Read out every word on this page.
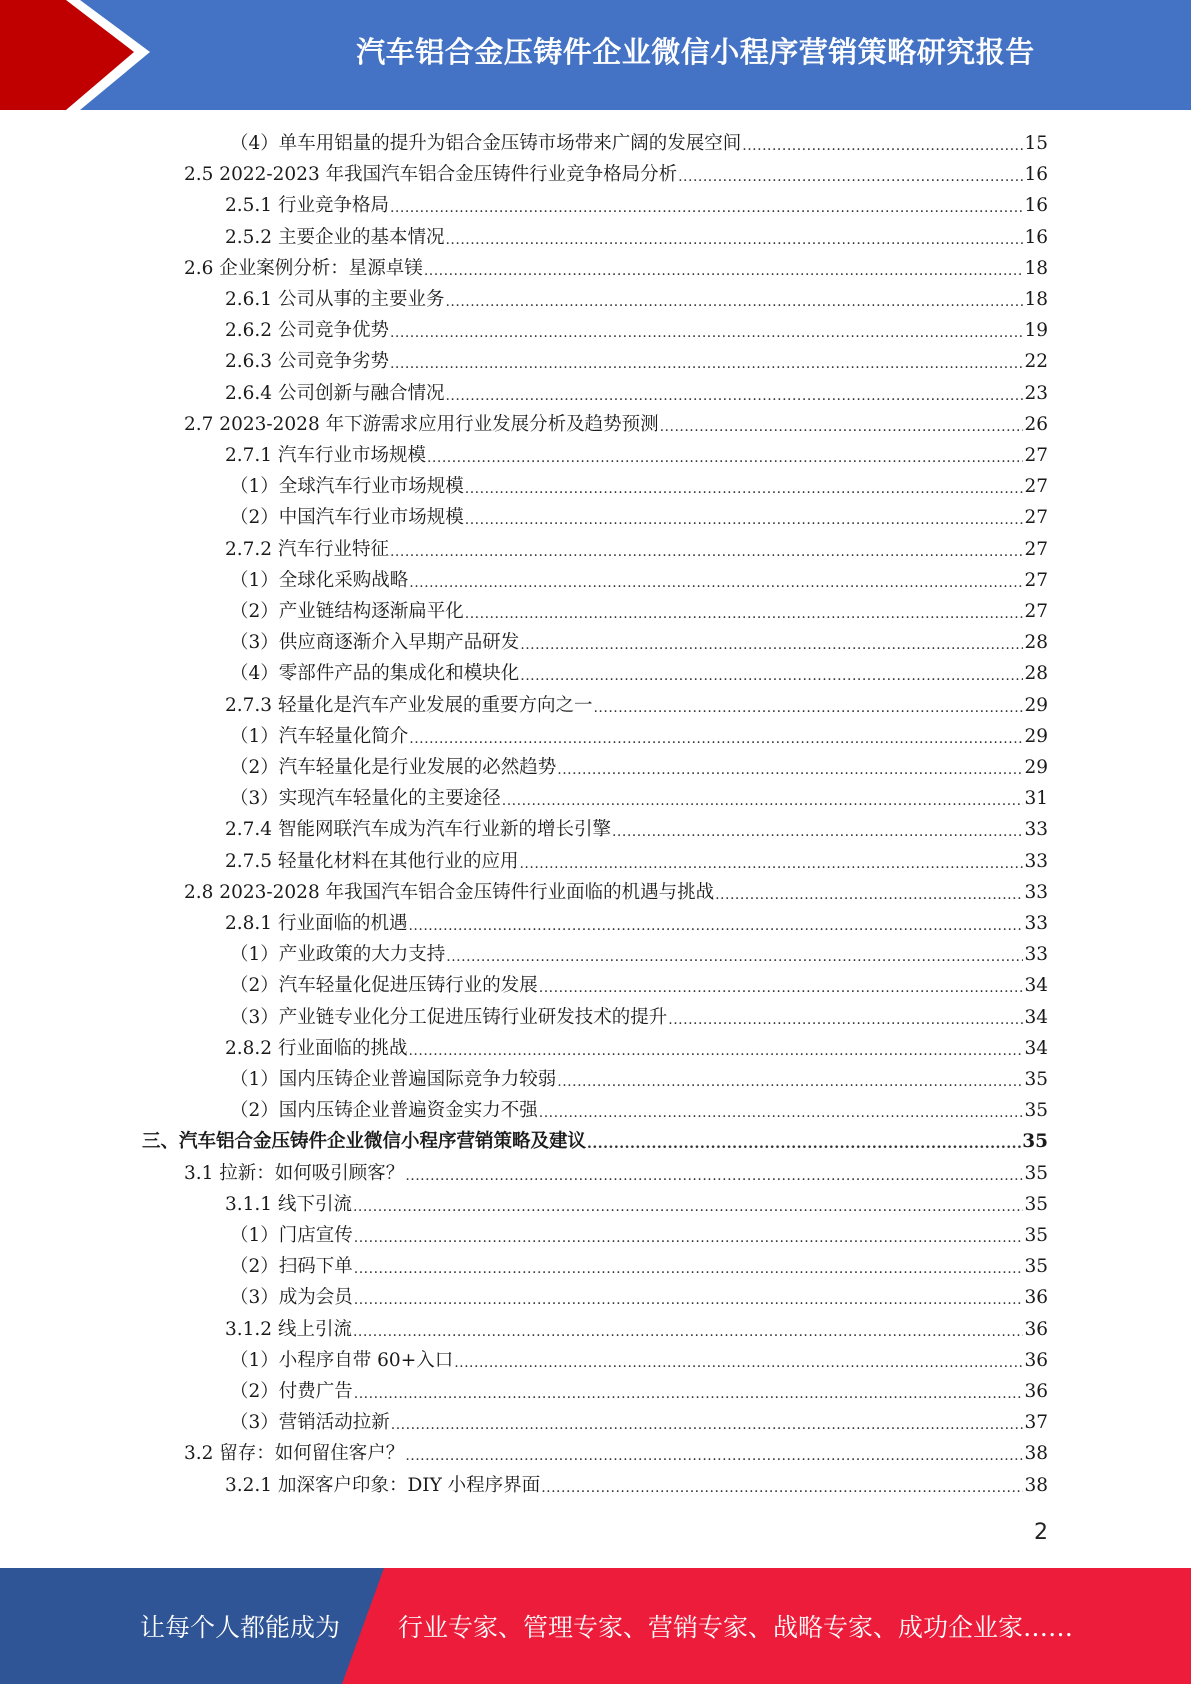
汽车铝合金压铸件企业微信小程序营销策略研究报告
（4）单车用铝量的提升为铝合金压铸市场带来广阔的发展空间 .....	15
2.5 2022-2023 年我国汽车铝合金压铸件行业竞争格局分析 .....	16
2.5.1 行业竞争格局 .....	16
2.5.2 主要企业的基本情况 .....	16
2.6 企业案例分析：星源卓镁 .....	18
2.6.1 公司从事的主要业务 .....	18
2.6.2 公司竞争优势 .....	19
2.6.3 公司竞争劣势 .....	22
2.6.4 公司创新与融合情况 .....	23
2.7 2023-2028 年下游需求应用行业发展分析及趋势预测 .....	26
2.7.1 汽车行业市场规模 .....	27
（1）全球汽车行业市场规模 .....	27
（2）中国汽车行业市场规模 .....	27
2.7.2 汽车行业特征 .....	27
（1）全球化采购战略 .....	27
（2）产业链结构逐渐扁平化 .....	27
（3）供应商逐渐介入早期产品研发 .....	28
（4）零部件产品的集成化和模块化 .....	28
2.7.3 轻量化是汽车产业发展的重要方向之一 .....	29
（1）汽车轻量化简介 .....	29
（2）汽车轻量化是行业发展的必然趋势 .....	29
（3）实现汽车轻量化的主要途径 .....	31
2.7.4 智能网联汽车成为汽车行业新的增长引擎 .....	33
2.7.5 轻量化材料在其他行业的应用 .....	33
2.8 2023-2028 年我国汽车铝合金压铸件行业面临的机遇与挑战 .....	33
2.8.1 行业面临的机遇 .....	33
（1）产业政策的大力支持 .....	33
（2）汽车轻量化促进压铸行业的发展 .....	34
（3）产业链专业化分工促进压铸行业研发技术的提升 .....	34
2.8.2 行业面临的挑战 .....	34
（1）国内压铸企业普遍国际竞争力较弱 .....	35
（2）国内压铸企业普遍资金实力不强 .....	35
三、汽车铝合金压铸件企业微信小程序营销策略及建议 .....	35
3.1 拉新：如何吸引顾客？ .....	35
3.1.1 线下引流 .....	35
（1）门店宣传 .....	35
（2）扫码下单 .....	35
（3）成为会员 .....	36
3.1.2 线上引流 .....	36
（1）小程序自带 60+入口 .....	36
（2）付费广告 .....	36
（3）营销活动拉新 .....	37
3.2 留存：如何留住客户？ .....	38
3.2.1 加深客户印象：DIY 小程序界面 .....	38
2
让每个人都能成为 行业专家、管理专家、营销专家、战略专家、成功企业家……
